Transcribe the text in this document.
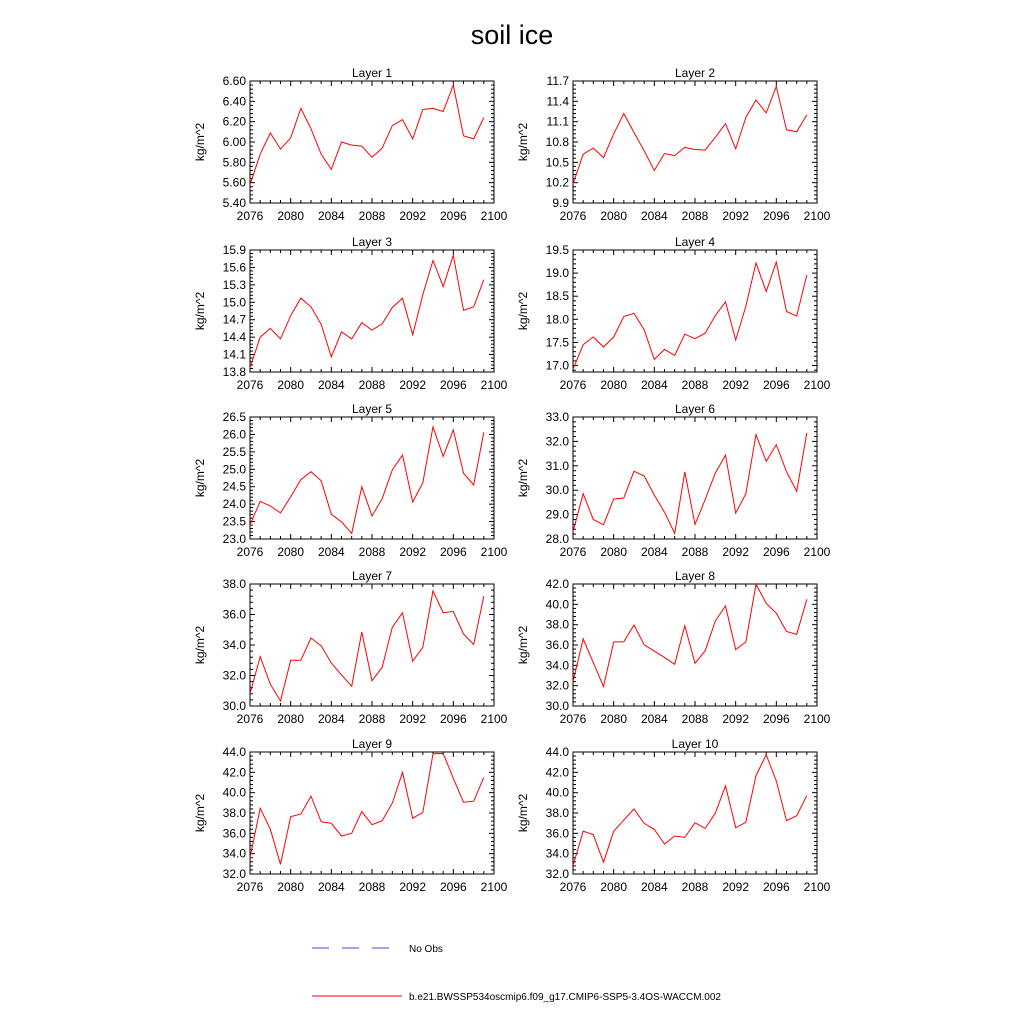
soil ice
Layer 1
kg/m^2
2076 2080 2084 2088 2092 2096 2100
5.40
5.60
5.80
6.00
6.20
6.40
6.60
Layer 2
kg/m^2
2076 2080 2084 2088 2092 2096 2100
9.9
10.2
10.5
10.8
11.1
11.4
11.7
Layer 3
kg/m^2
2076 2080 2084 2088 2092 2096 2100
13.8
14.1
14.4
14.7
15.0
15.3
15.6
15.9
Layer 4
kg/m^2
2076 2080 2084 2088 2092 2096 2100
17.0
17.5
18.0
18.5
19.0
19.5
Layer 5
kg/m^2
2076 2080 2084 2088 2092 2096 2100
23.0
23.5
24.0
24.5
25.0
25.5
26.0
26.5
Layer 6
kg/m^2
2076 2080 2084 2088 2092 2096 2100
28.0
29.0
30.0
31.0
32.0
33.0
Layer 7
kg/m^2
2076 2080 2084 2088 2092 2096 2100
30.0
32.0
34.0
36.0
38.0
Layer 8
kg/m^2
2076 2080 2084 2088 2092 2096 2100
30.0
32.0
34.0
36.0
38.0
40.0
42.0
Layer 9
kg/m^2
2076 2080 2084 2088 2092 2096 2100
32.0
34.0
36.0
38.0
40.0
42.0
44.0
Layer 10
kg/m^2
2076 2080 2084 2088 2092 2096 2100
32.0
34.0
36.0
38.0
40.0
42.0
44.0
No Obs
b.e21.BWSSP534oscmip6.f09_g17.CMIP6-SSP5-3.4OS-WACCM.002
